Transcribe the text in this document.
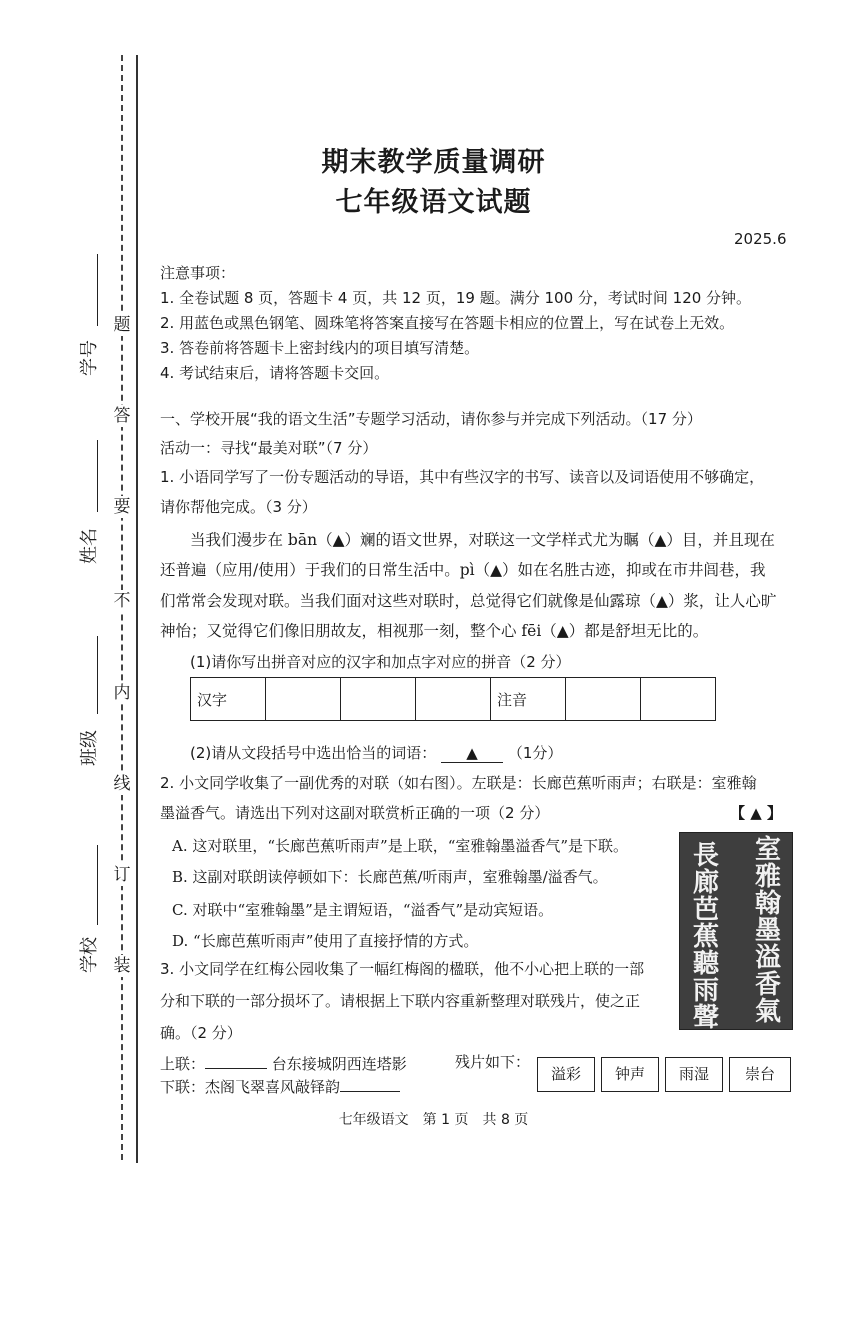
题
答
要
不
内
线
订
装
学号
姓名
班级
学校
期末教学质量调研
七年级语文试题
2025.6
注意事项：
1. 全卷试题 8 页，答题卡 4 页，共 12 页，19 题。满分 100 分，考试时间 120 分钟。
2. 用蓝色或黑色钢笔、圆珠笔将答案直接写在答题卡相应的位置上，写在试卷上无效。
3. 答卷前将答题卡上密封线内的项目填写清楚。
4. 考试结束后，请将答题卡交回。
一、学校开展“我的语文生活”专题学习活动，请你参与并完成下列活动。（17 分）
活动一：寻找“最美对联”（7 分）
1. 小语同学写了一份专题活动的导语，其中有些汉字的书写、读音以及词语使用不够确定，
请你帮他完成。（3 分）
当我们漫步在 bān（▲）斓的语文世界，对联这一文学样式尤为瞩（▲）目，并且现在
还普遍（应用/使用）于我们的日常生活中。pì（▲）如在名胜古迹，抑或在市井闾巷，我
们常常会发现对联。当我们面对这些对联时，总觉得它们就像是仙露琼（▲）浆，让人心旷
神怡；又觉得它们像旧朋故友，相视那一刻，整个心 fēi（▲）都是舒坦无比的。
(1)请你写出拼音对应的汉字和加点字对应的拼音（2 分）
汉字				注音		
(2)请从文段括号中选出恰当的词语： ▲ （1分）
2. 小文同学收集了一副优秀的对联（如右图）。左联是：长廊芭蕉听雨声；右联是：室雅翰
墨溢香气。请选出下列对这副对联赏析正确的一项（2 分）	【 ▲ 】
A. 这对联里，“长廊芭蕉听雨声”是上联，“室雅翰墨溢香气”是下联。
B. 这副对联朗读停顿如下：长廊芭蕉/听雨声，室雅翰墨/溢香气。
C. 对联中“室雅翰墨”是主谓短语，“溢香气”是动宾短语。
D. “长廊芭蕉听雨声”使用了直接抒情的方式。
室雅翰墨溢香氣
長廊芭蕉聽雨聲
3. 小文同学在红梅公园收集了一幅红梅阁的楹联，他不小心把上联的一部
分和下联的一部分损坏了。请根据上下联内容重新整理对联残片，使之正
确。（2 分）
上联：	台东接城阴西连塔影
下联：杰阁飞翠喜风敲铎韵
残片如下：
溢彩	钟声	雨湿	崇台
七年级语文　第 1 页　共 8 页
